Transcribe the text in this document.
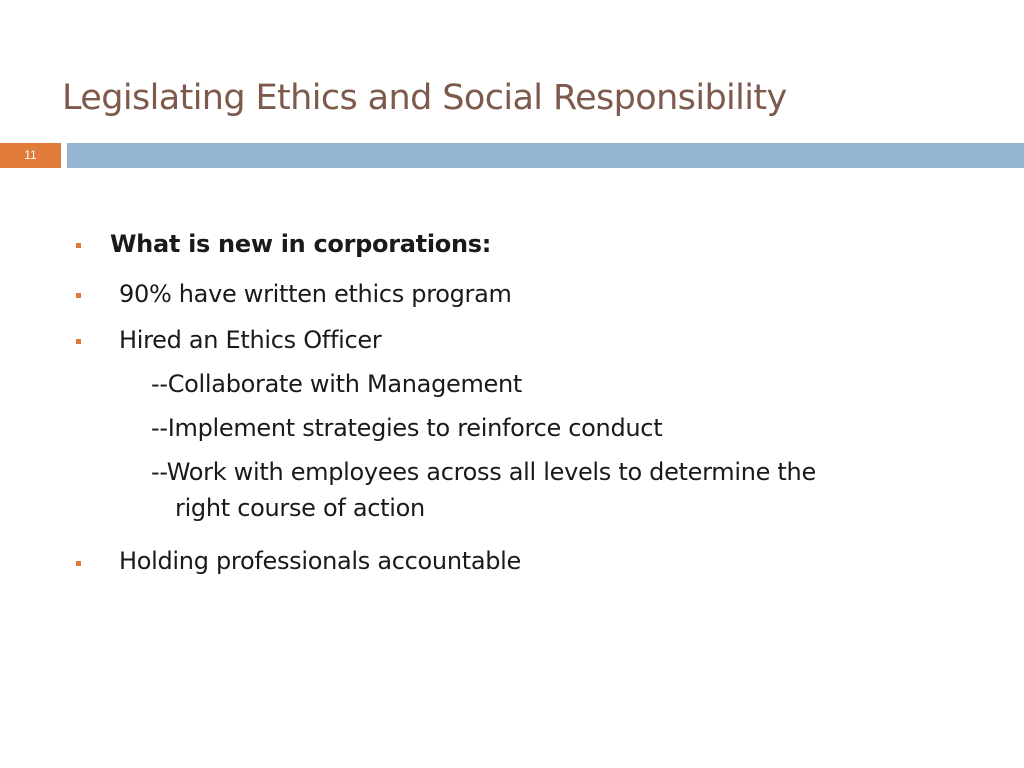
Legislating Ethics and Social Responsibility
11
What is new in corporations:
90% have written ethics program
Hired an Ethics Officer
--Collaborate with Management
--Implement strategies to reinforce conduct
--Work with employees across all levels to determine the
right course of action
Holding professionals accountable
